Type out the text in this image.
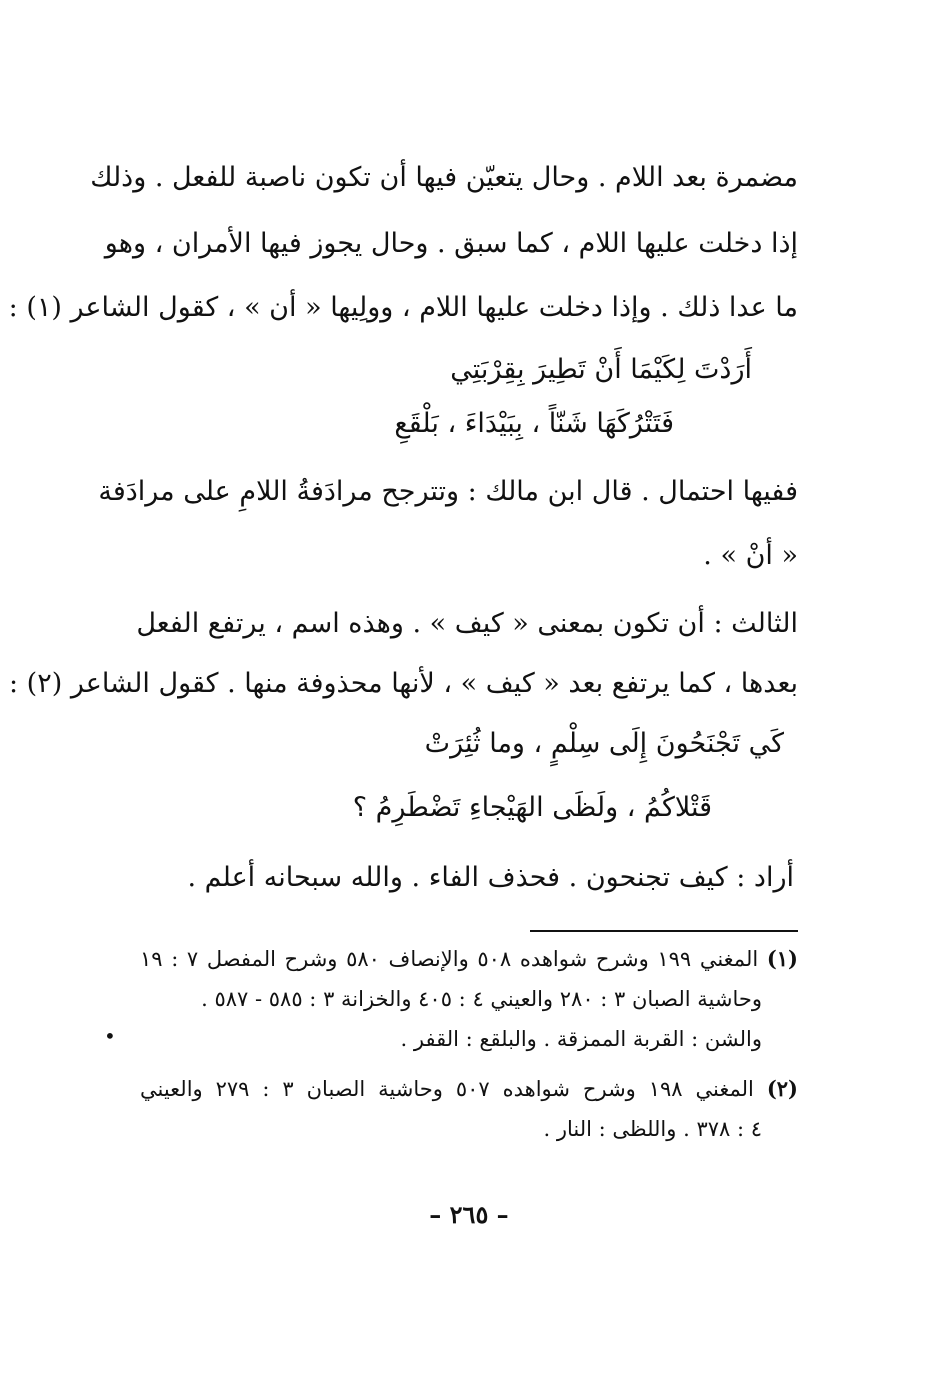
مضمرة بعد اللام . وحال يتعيّن فيها أن تكون ناصبة للفعل . وذلك
إذا دخلت عليها اللام ، كما سبق . وحال يجوز فيها الأمران ، وهو
ما عدا ذلك . وإذا دخلت عليها اللام ، وولِيها « أن » ، كقول الشاعر (١) :
أَرَدْتَ لِكَيْمَا أَنْ تَطِيرَ بِقِرْبَتِي
فَتَتْرُكَهَا شَنّاً ، بِبَيْدَاءَ ، بَلْقَعِ
ففيها احتمال . قال ابن مالك : وتترجح مرادَفةُ اللامِ على مرادَفة
« أنْ » .
الثالث : أن تكون بمعنى « كيف » . وهذه اسم ، يرتفع الفعل
بعدها ، كما يرتفع بعد « كيف » ، لأنها محذوفة منها . كقول الشاعر (٢) :
كَي تَجْنَحُونَ إِلَى سِلْمٍ ، وما ثُئِرَتْ
قَتْلاكُمُ ، ولَظَى الهَيْجاءِ تَضْطَرِمُ ؟
أراد : كيف تجنحون . فحذف الفاء . والله سبحانه أعلم .
(١) المغني ١٩٩ وشرح شواهده ٥٠٨ والإنصاف ٥٨٠ وشرح المفصل ٧ : ١٩
وحاشية الصبان ٣ : ٢٨٠ والعيني ٤ : ٤٠٥ والخزانة ٣ : ٥٨٥ - ٥٨٧ .
والشن : القربة الممزقة . والبلقع : القفر .
(٢) المغني ١٩٨ وشرح شواهده ٥٠٧ وحاشية الصبان ٣ : ٢٧٩ والعيني
٤ : ٣٧٨ . واللظى : النار .
•
– ٢٦٥ –
